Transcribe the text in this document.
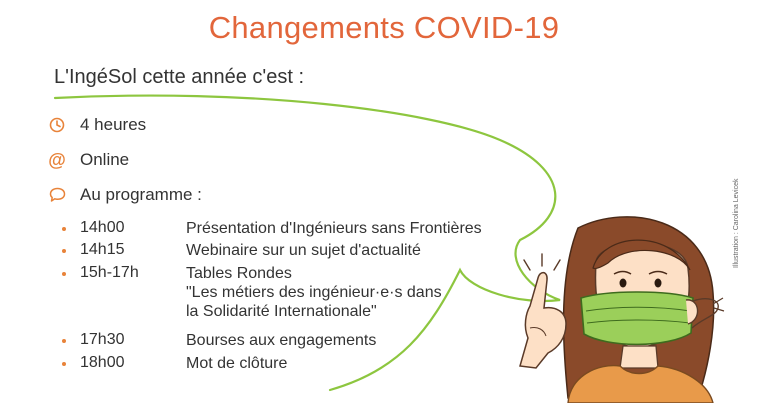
Changements COVID-19
L'IngéSol cette année c'est :
4 heures
@ Online
Au programme :
14h00	Présentation d'Ingénieurs sans Frontières
14h15	Webinaire sur un sujet d'actualité
15h-17h	Tables Rondes
"Les métiers des ingénieur·e·s dans
la Solidarité Internationale"
17h30	Bourses aux engagements
18h00	Mot de clôture
Illustration : Carolina Levicek
